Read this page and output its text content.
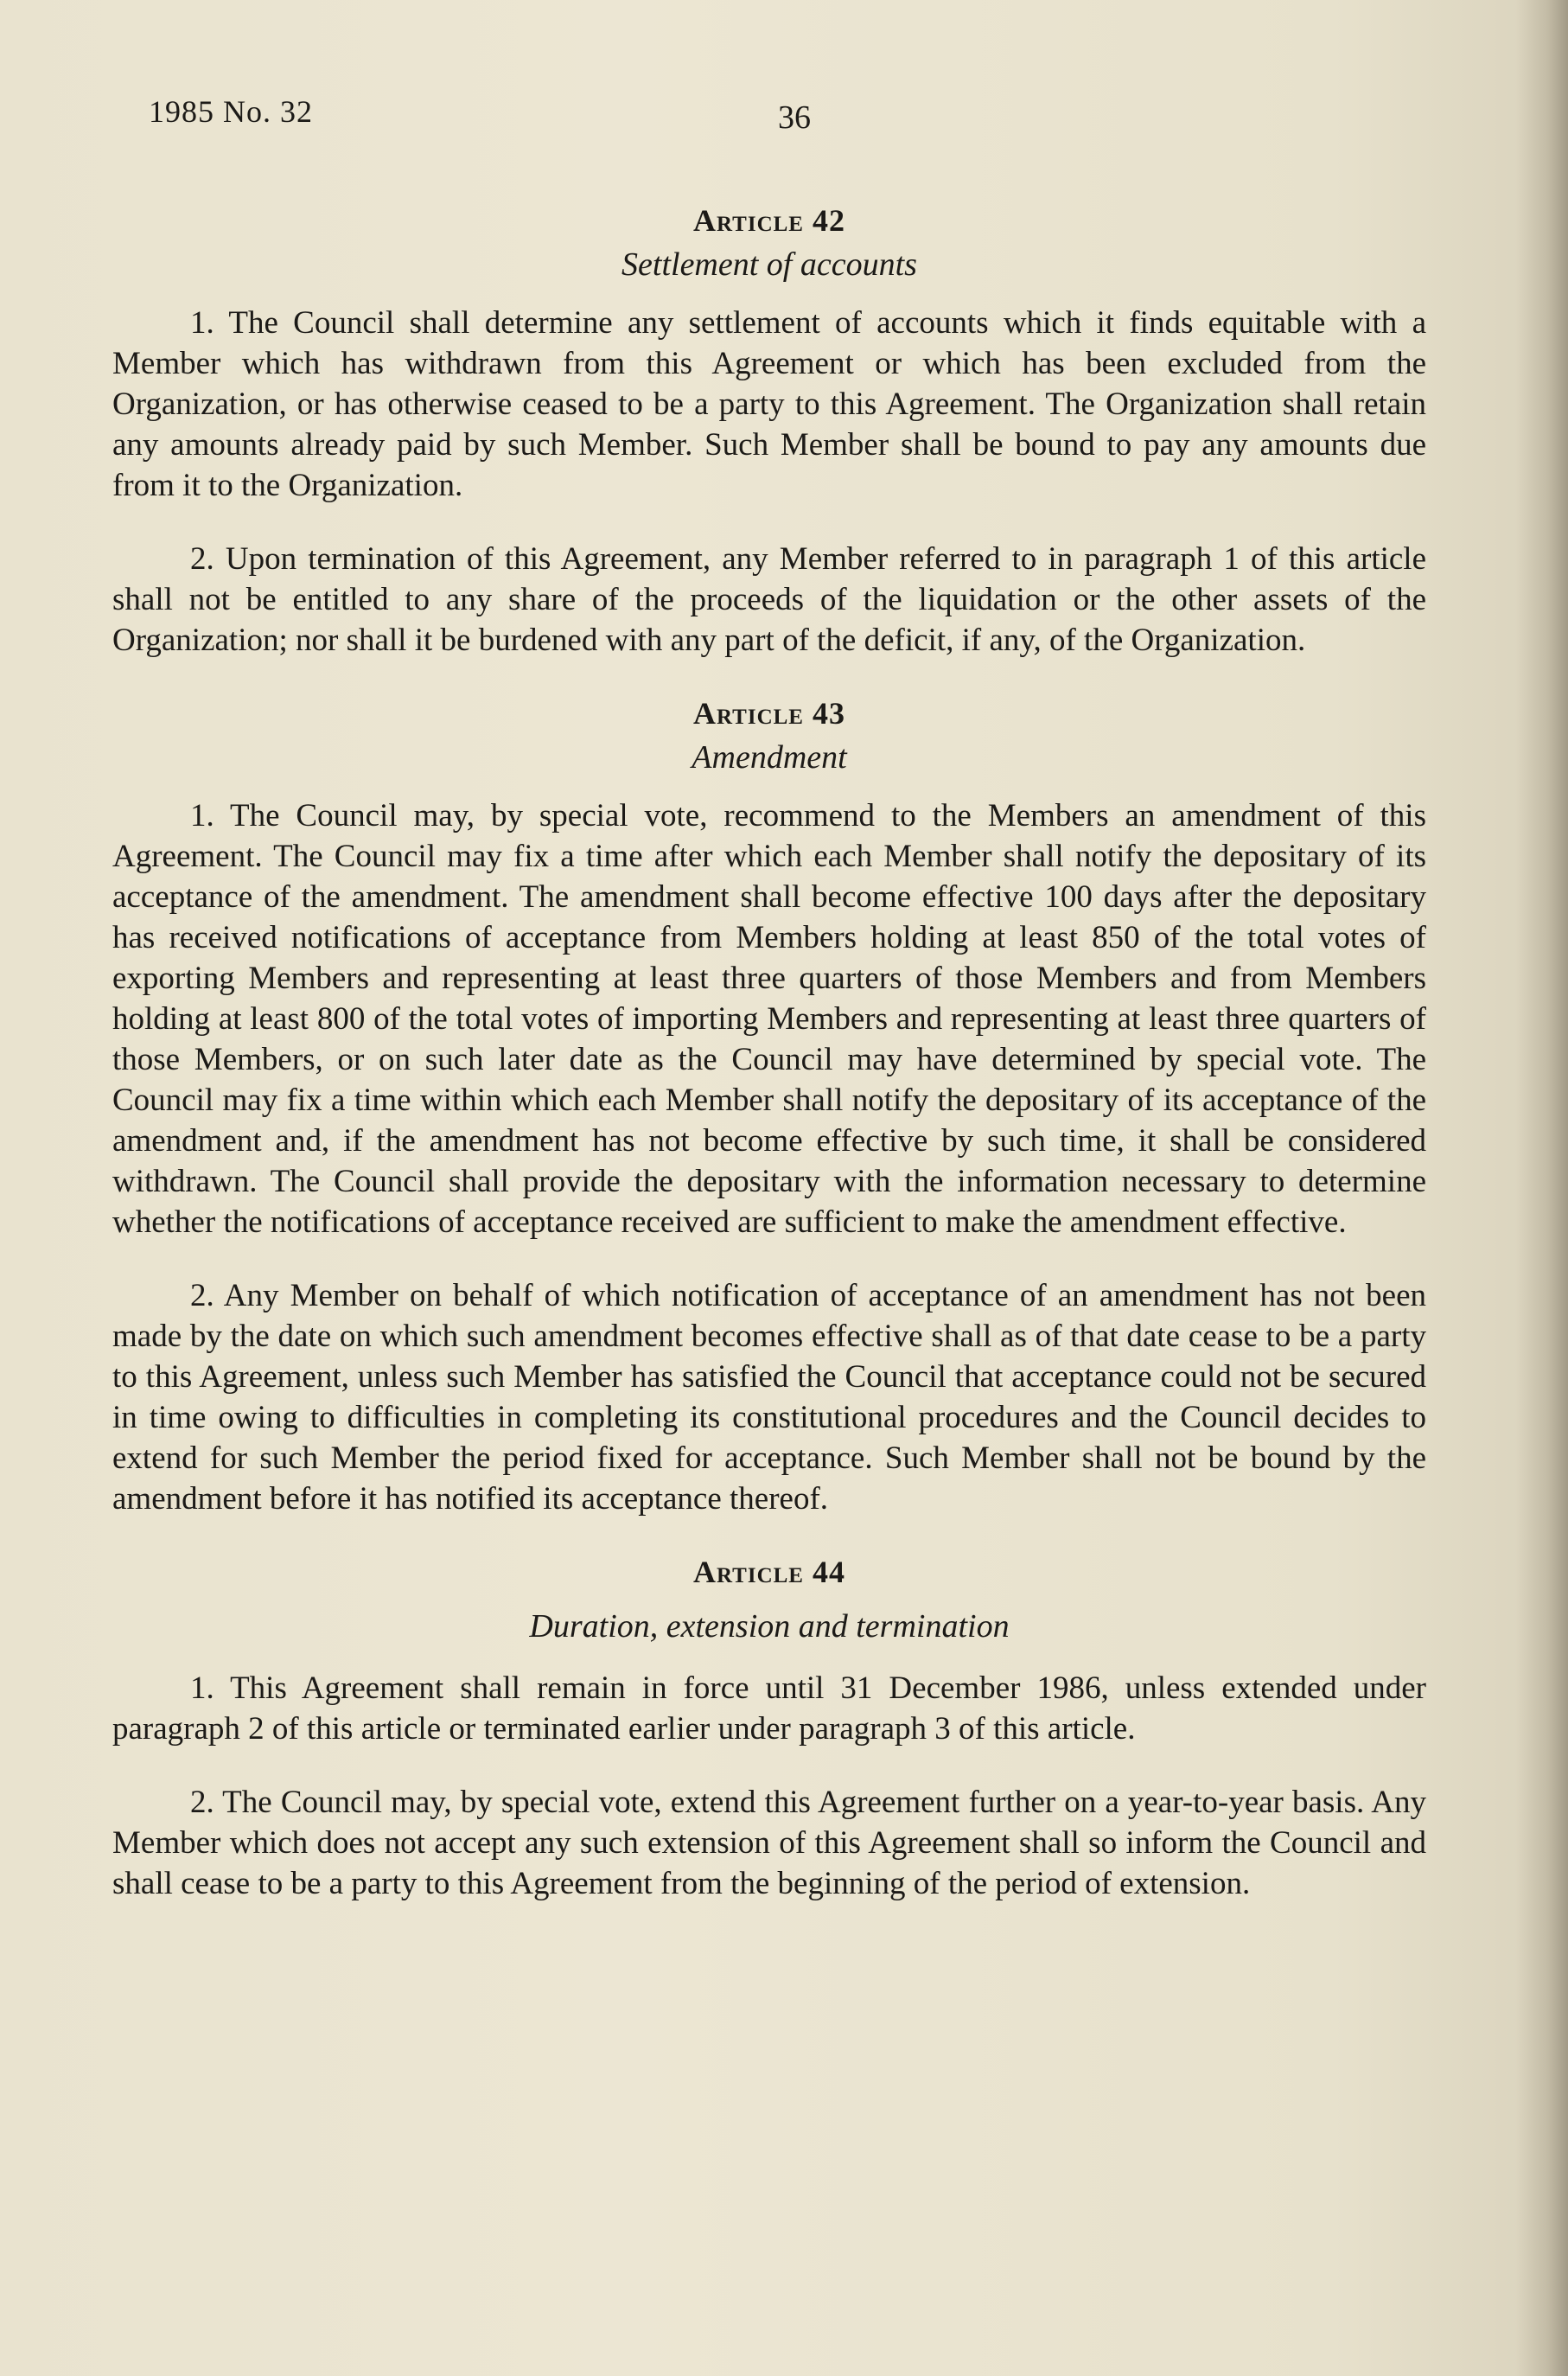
1985 No. 32	36
Article 42
Settlement of accounts

1. The Council shall determine any settlement of accounts which it finds equitable with a Member which has withdrawn from this Agreement or which has been excluded from the Organization, or has otherwise ceased to be a party to this Agreement. The Organization shall retain any amounts already paid by such Member. Such Member shall be bound to pay any amounts due from it to the Organization.

2. Upon termination of this Agreement, any Member referred to in paragraph 1 of this article shall not be entitled to any share of the proceeds of the liquidation or the other assets of the Organization; nor shall it be burdened with any part of the deficit, if any, of the Organization.

Article 43
Amendment

1. The Council may, by special vote, recommend to the Members an amendment of this Agreement. The Council may fix a time after which each Member shall notify the depositary of its acceptance of the amendment. The amendment shall become effective 100 days after the depositary has received notifications of acceptance from Members holding at least 850 of the total votes of exporting Members and representing at least three quarters of those Members and from Members holding at least 800 of the total votes of importing Members and representing at least three quarters of those Members, or on such later date as the Council may have determined by special vote. The Council may fix a time within which each Member shall notify the depositary of its acceptance of the amendment and, if the amendment has not become effective by such time, it shall be considered withdrawn. The Council shall provide the depositary with the information necessary to determine whether the notifications of acceptance received are sufficient to make the amendment effective.

2. Any Member on behalf of which notification of acceptance of an amendment has not been made by the date on which such amendment becomes effective shall as of that date cease to be a party to this Agreement, unless such Member has satisfied the Council that acceptance could not be secured in time owing to difficulties in completing its constitutional procedures and the Council decides to extend for such Member the period fixed for acceptance. Such Member shall not be bound by the amendment before it has notified its acceptance thereof.

Article 44
Duration, extension and termination

1. This Agreement shall remain in force until 31 December 1986, unless extended under paragraph 2 of this article or terminated earlier under paragraph 3 of this article.

2. The Council may, by special vote, extend this Agreement further on a year-to-year basis. Any Member which does not accept any such extension of this Agreement shall so inform the Council and shall cease to be a party to this Agreement from the beginning of the period of extension.
